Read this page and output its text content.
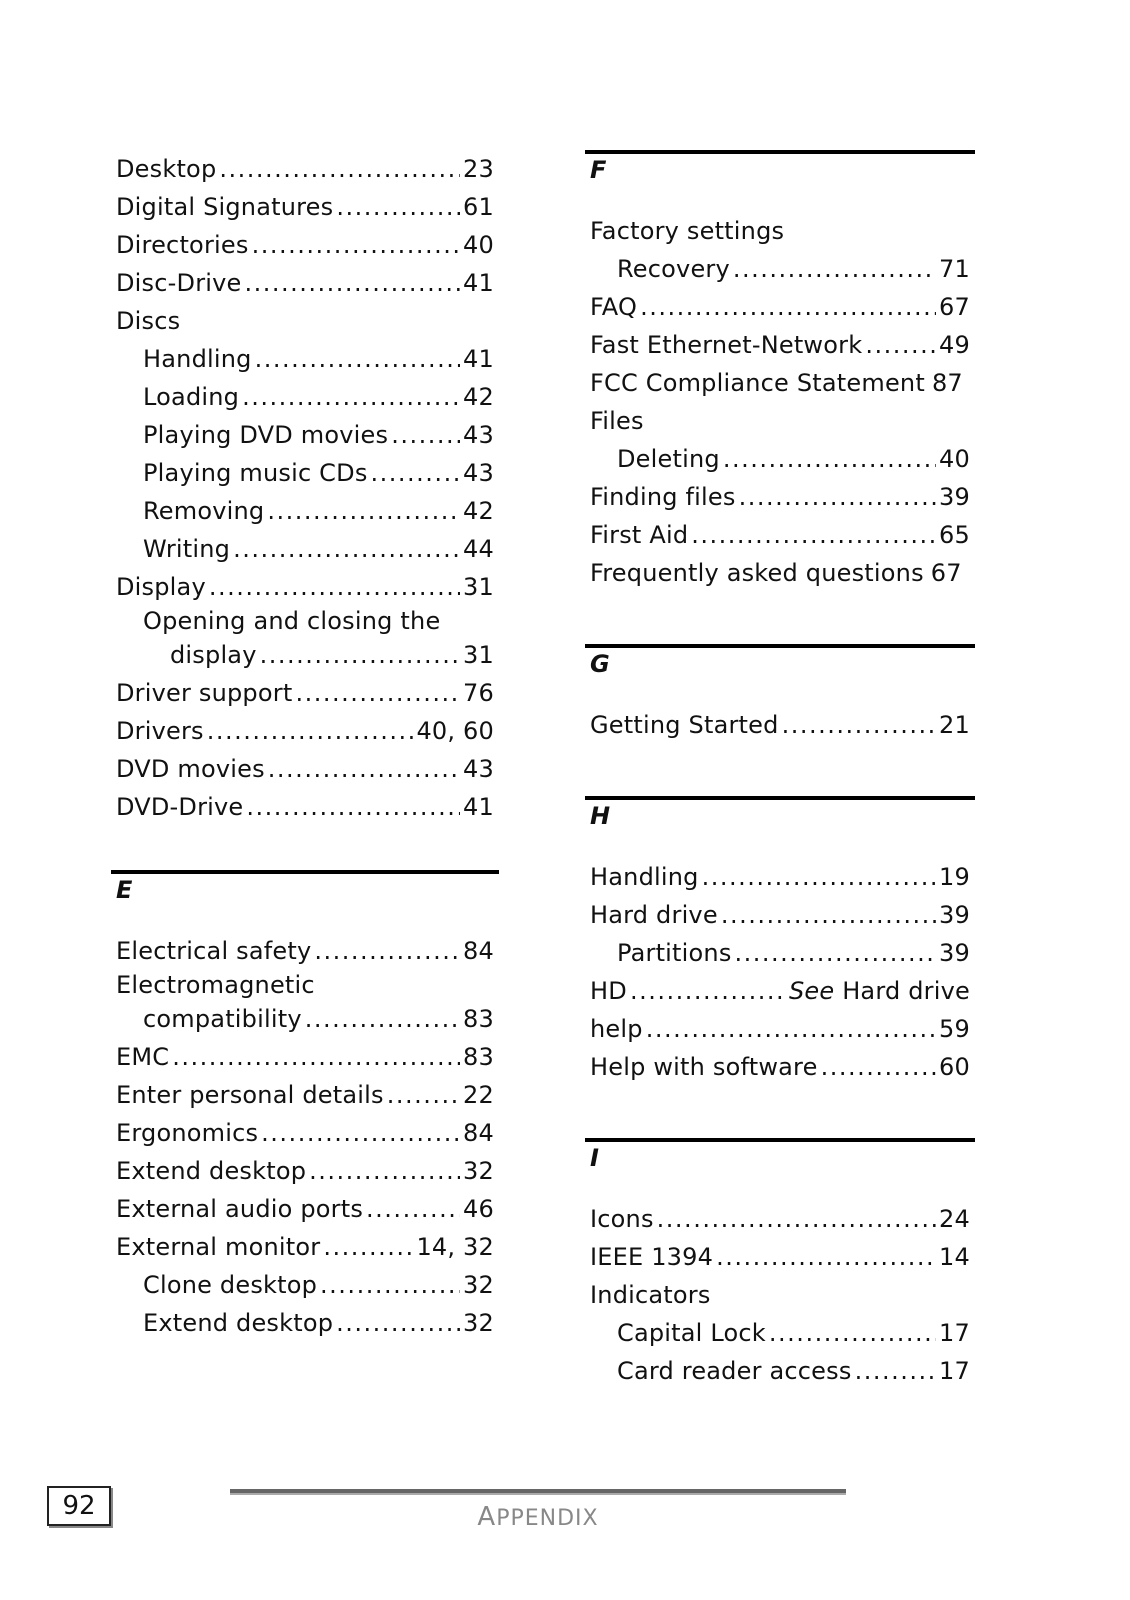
Desktop .....	23
Digital Signatures .....	61
Directories .....	40
Disc-Drive .....	41
Discs
Handling .....	41
Loading .....	42
Playing DVD movies .....	43
Playing music CDs .....	43
Removing .....	42
Writing .....	44
Display .....	31
Opening and closing the
display .....	31
Driver support .....	76
Drivers .....	40, 60
DVD movies .....	43
DVD-Drive .....	41
E
Electrical safety .....	84
Electromagnetic
compatibility .....	83
EMC .....	83
Enter personal details .....	22
Ergonomics .....	84
Extend desktop .....	32
External audio ports .....	46
External monitor .....	14, 32
Clone desktop .....	32
Extend desktop .....	32
F
Factory settings
Recovery .....	71
FAQ .....	67
Fast Ethernet-Network .....	49
FCC Compliance Statement 87
Files
Deleting .....	40
Finding files .....	39
First Aid .....	65
Frequently asked questions 67
G
Getting Started .....	21
H
Handling .....	19
Hard drive .....	39
Partitions .....	39
HD .....	See Hard drive
help .....	59
Help with software .....	60
I
Icons .....	24
IEEE 1394 .....	14
Indicators
Capital Lock .....	17
Card reader access .....	17
92	APPENDIX
